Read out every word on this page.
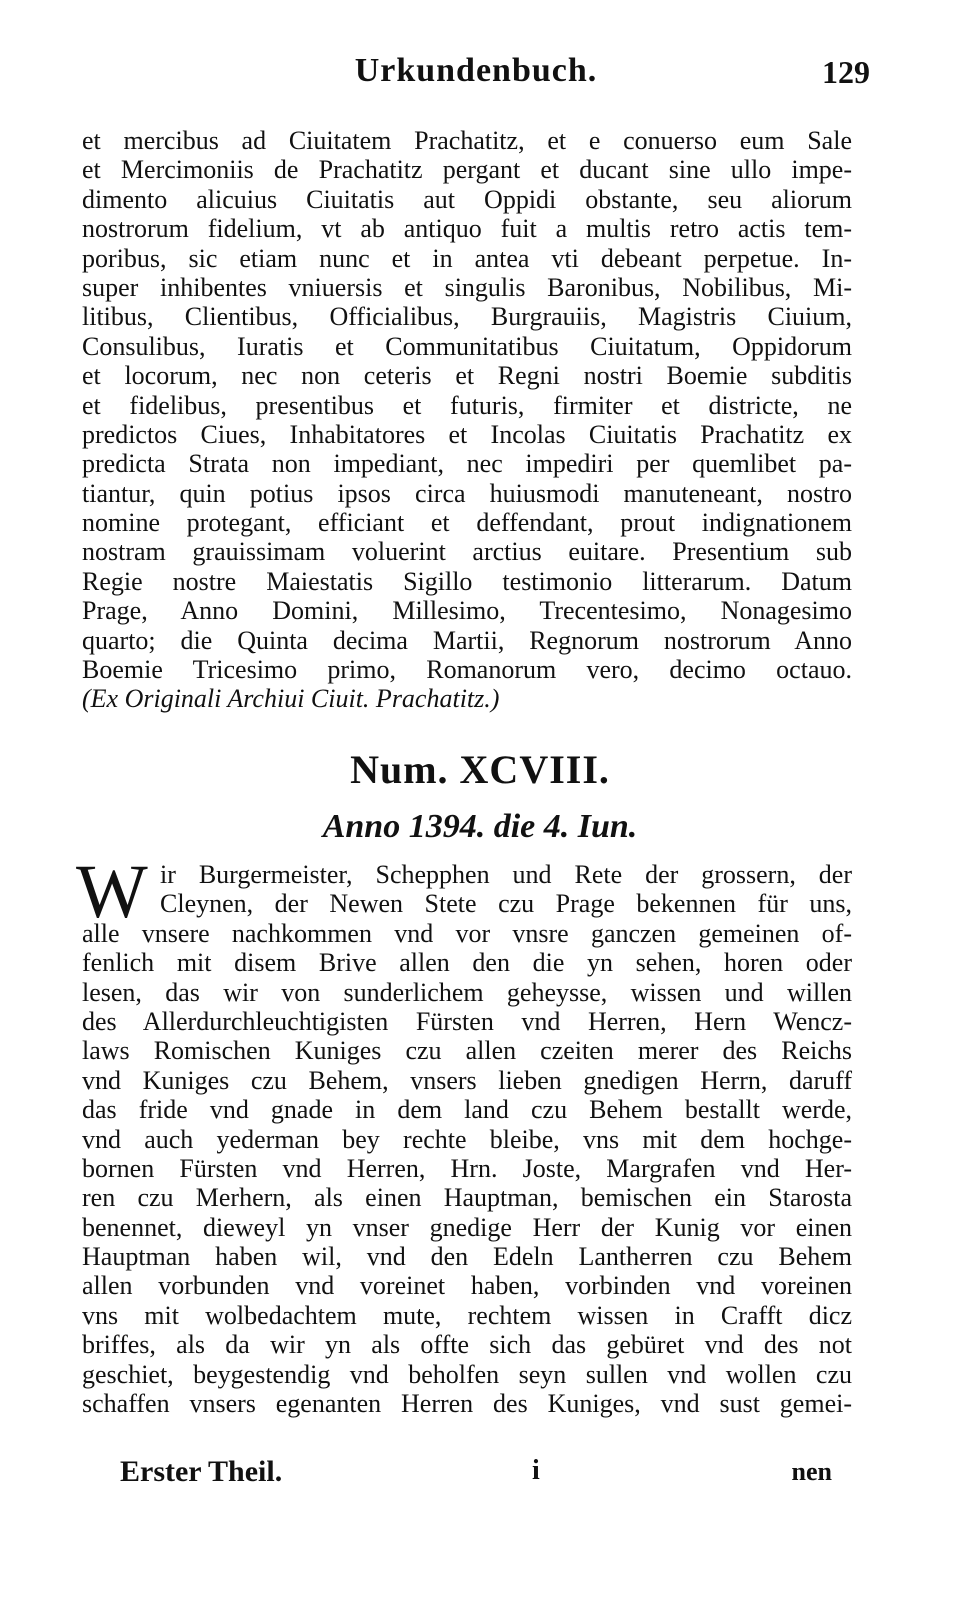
Urkundenbuch.	129
et mercibus ad Ciuitatem Prachatitz, et e conuerso eum Sale
et Mercimoniis de Prachatitz pergant et ducant sine ullo impe-
dimento alicuius Ciuitatis aut Oppidi obstante, seu aliorum
nostrorum fidelium, vt ab antiquo fuit a multis retro actis tem-
poribus, sic etiam nunc et in antea vti debeant perpetue. In-
super inhibentes vniuersis et singulis Baronibus, Nobilibus, Mi-
litibus, Clientibus, Officialibus, Burgrauiis, Magistris Ciuium,
Consulibus, Iuratis et Communitatibus Ciuitatum, Oppidorum
et locorum, nec non ceteris et Regni nostri Boemie subditis
et fidelibus, presentibus et futuris, firmiter et districte, ne
predictos Ciues, Inhabitatores et Incolas Ciuitatis Prachatitz ex
predicta Strata non impediant, nec impediri per quemlibet pa-
tiantur, quin potius ipsos circa huiusmodi manuteneant, nostro
nomine protegant, efficiant et deffendant, prout indignationem
nostram grauissimam voluerint arctius euitare. Presentium sub
Regie nostre Maiestatis Sigillo testimonio litterarum. Datum
Prage, Anno Domini, Millesimo, Trecentesimo, Nonagesimo
quarto; die Quinta decima Martii, Regnorum nostrorum Anno
Boemie Tricesimo primo, Romanorum vero, decimo octauo.
(Ex Originali Archiui Ciuit. Prachatitz.)
Num. XCVIII.
Anno 1394. die 4. Iun.
W ir Burgermeister, Schepphen und Rete der grossern, der
Cleynen, der Newen Stete czu Prage bekennen für uns,
alle vnsere nachkommen vnd vor vnsre ganczen gemeinen of-
fenlich mit disem Brive allen den die yn sehen, horen oder
lesen, das wir von sunderlichem geheysse, wissen und willen
des Allerdurchleuchtigisten Fürsten vnd Herren, Hern Wencz-
laws Romischen Kuniges czu allen czeiten merer des Reichs
vnd Kuniges czu Behem, vnsers lieben gnedigen Herrn, daruff
das fride vnd gnade in dem land czu Behem bestallt werde,
vnd auch yederman bey rechte bleibe, vns mit dem hochge-
bornen Fürsten vnd Herren, Hrn. Joste, Margrafen vnd Her-
ren czu Merhern, als einen Hauptman, bemischen ein Starosta
benennet, dieweyl yn vnser gnedige Herr der Kunig vor einen
Hauptman haben wil, vnd den Edeln Lantherren czu Behem
allen vorbunden vnd voreinet haben, vorbinden vnd voreinen
vns mit wolbedachtem mute, rechtem wissen in Crafft dicz
briffes, als da wir yn als offte sich das gebüret vnd des not
geschiet, beygestendig vnd beholfen seyn sullen vnd wollen czu
schaffen vnsers egenanten Herren des Kuniges, vnd sust gemei-
Erster Theil.	i	nen
